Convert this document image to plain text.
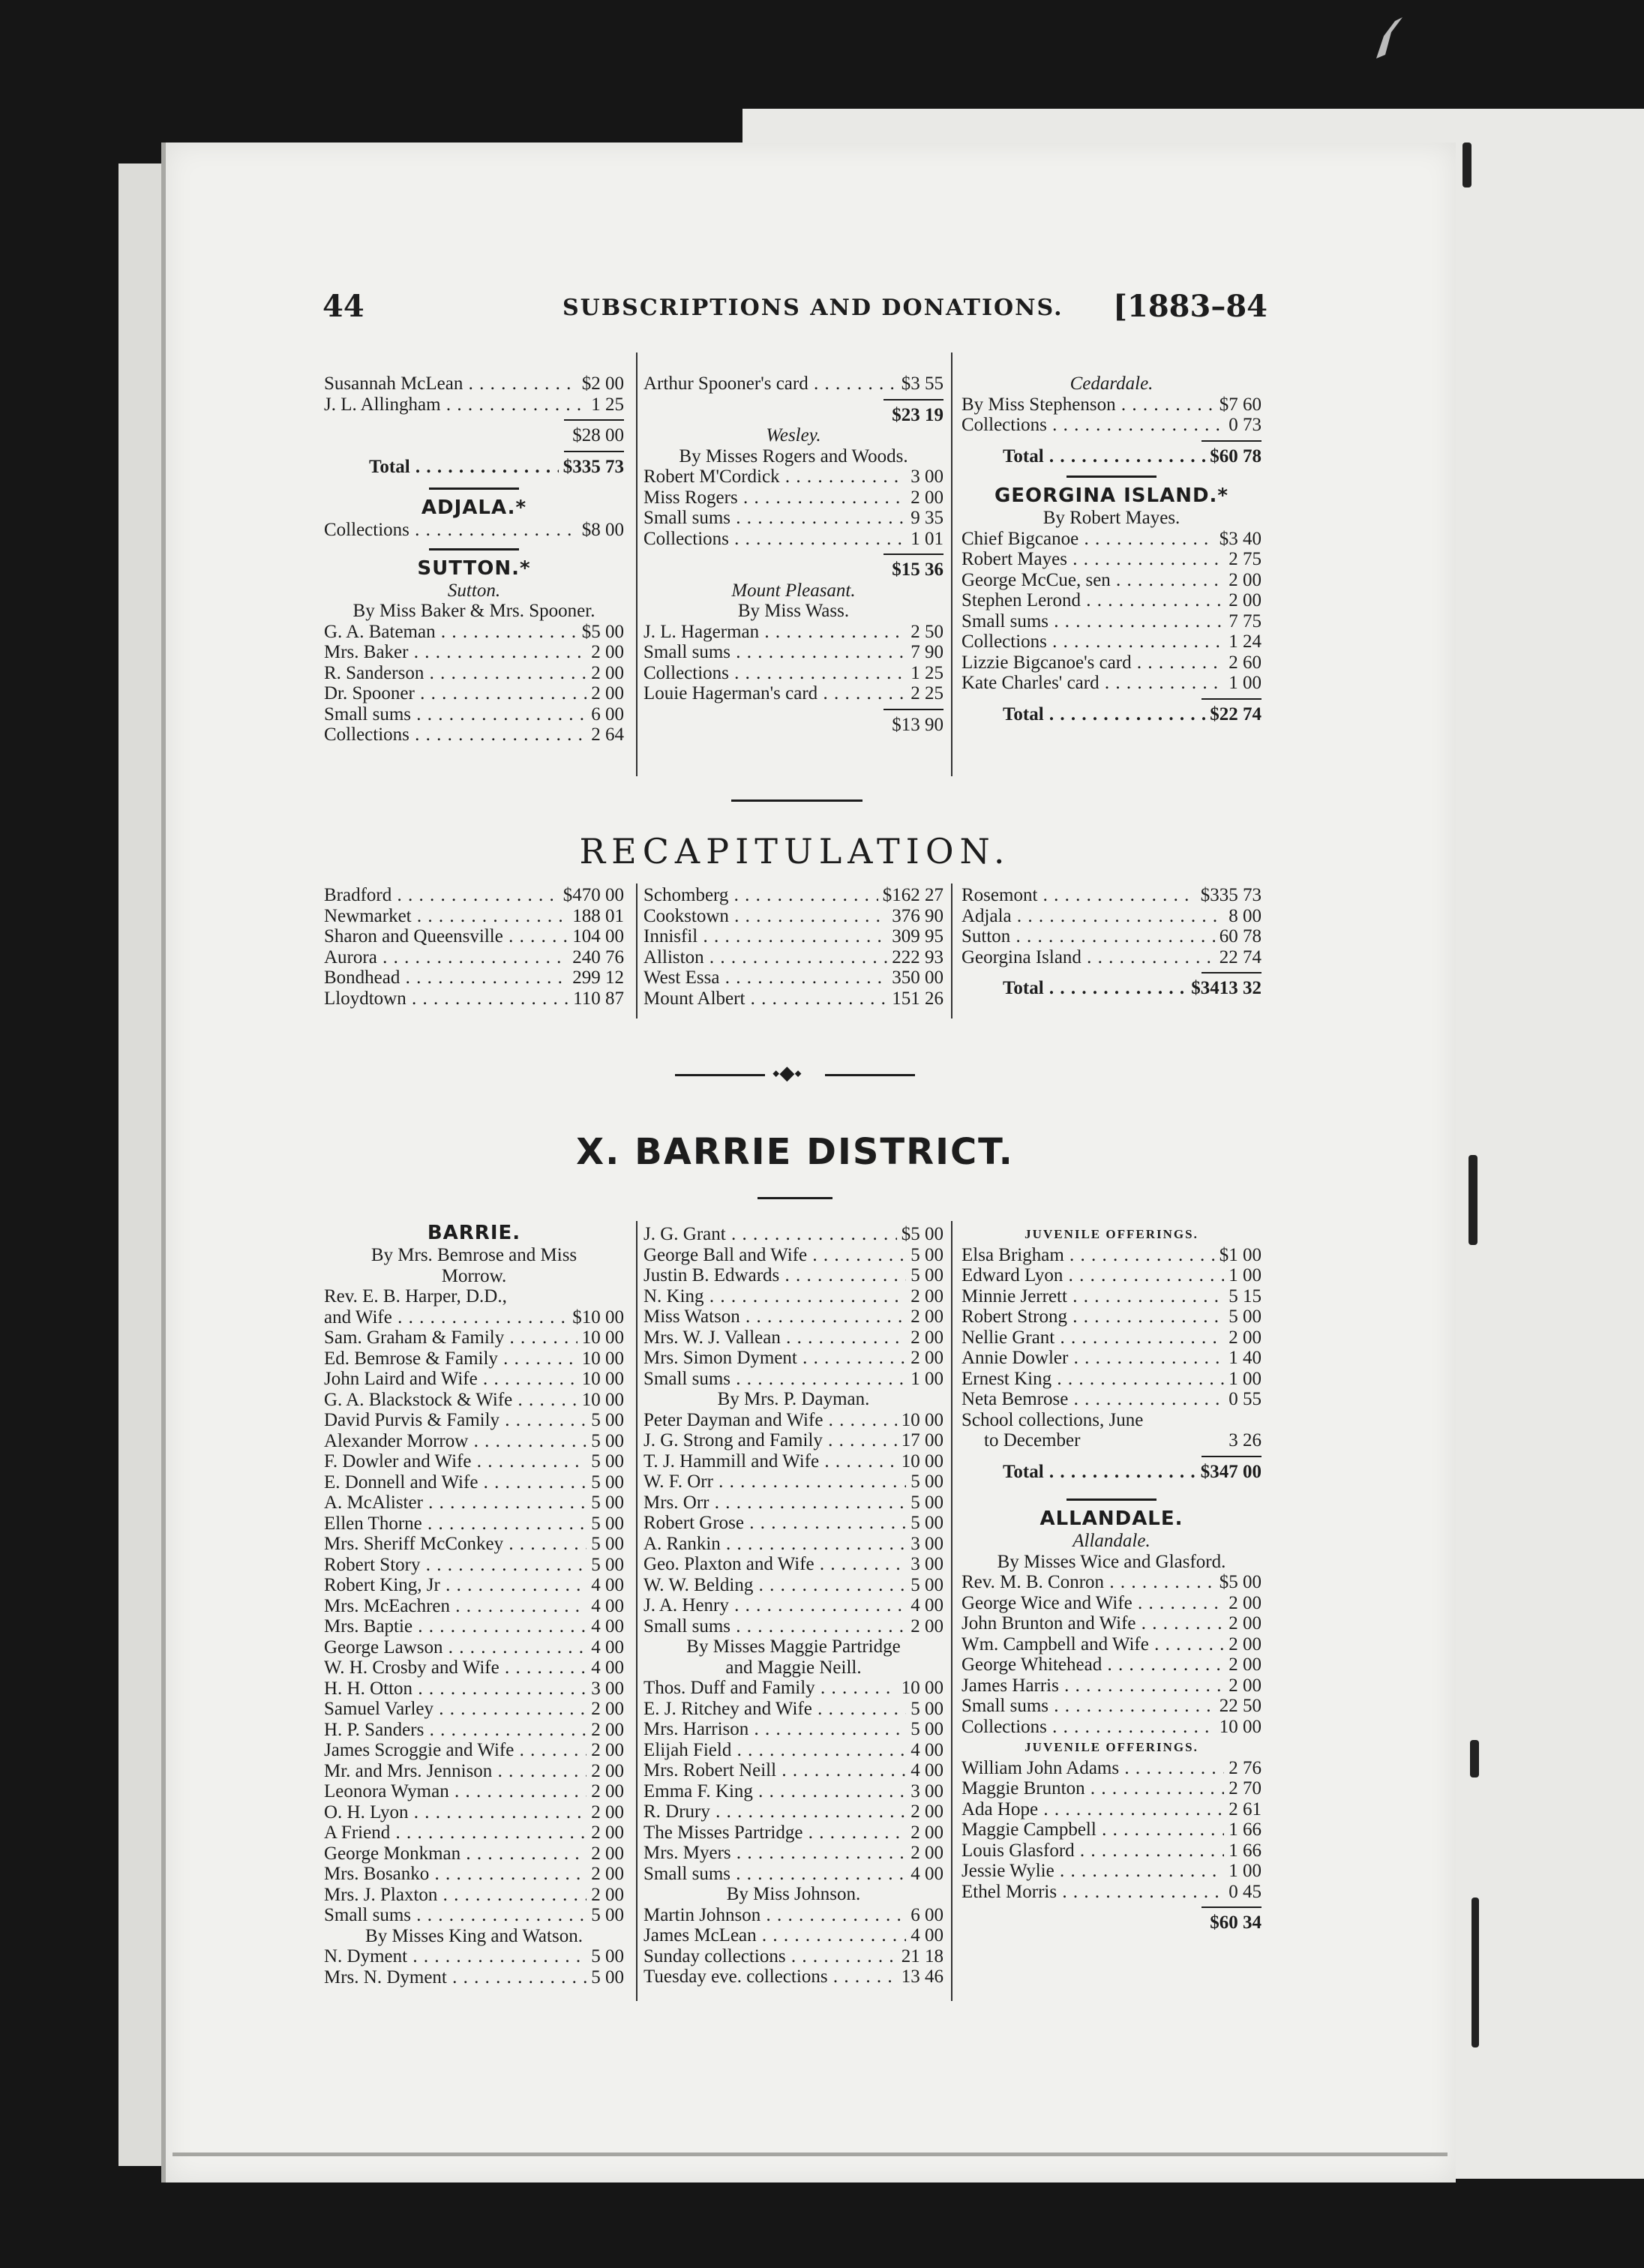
44	SUBSCRIPTIONS AND DONATIONS. [1883–84
Susannah McLean . . .	$2 00
J. L. Allingham . . .	1 25
$28 00
Total . . .	$335 73
ADJALA.*
Collections . . .	$8 00
SUTTON.*
Sutton.
By Miss Baker & Mrs. Spooner.
G. A. Bateman . . .	$5 00
Mrs. Baker . . .	2 00
R. Sanderson . . .	2 00
Dr. Spooner . . .	2 00
Small sums . . .	6 00
Collections . . .	2 64
Arthur Spooner's card . . .	$3 55
$23 19
Wesley.
By Misses Rogers and Woods.
Robert M'Cordick . . .	3 00
Miss Rogers . . .	2 00
Small sums . . .	9 35
Collections . . .	1 01
$15 36
Mount Pleasant.
By Miss Wass.
J. L. Hagerman . . .	2 50
Small sums . . .	7 90
Collections . . .	1 25
Louie Hagerman's card . . .	2 25
$13 90
Cedardale.
By Miss Stephenson . . .	$7 60
Collections . . .	0 73
Total . . .	$60 78
GEORGINA ISLAND.*
By Robert Mayes.
Chief Bigcanoe . . .	$3 40
Robert Mayes . . .	2 75
George McCue, sen . . .	2 00
Stephen Lerond . . .	2 00
Small sums . . .	7 75
Collections . . .	1 24
Lizzie Bigcanoe's card . . .	2 60
Kate Charles' card . . .	1 00
Total . . .	$22 74
RECAPITULATION.
Bradford . . .	$470 00
Newmarket . . .	188 01
Sharon and Queensville . . .	104 00
Aurora . . .	240 76
Bondhead . . .	299 12
Lloydtown . . .	110 87
Schomberg . . .	$162 27
Cookstown . . .	376 90
Innisfil . . .	309 95
Alliston . . .	222 93
West Essa . . .	350 00
Mount Albert . . .	151 26
Rosemont . . .	$335 73
Adjala . . .	8 00
Sutton . . .	60 78
Georgina Island . . .	22 74
Total . . .	$3413 32
⬩◆⬩
X. BARRIE DISTRICT.
BARRIE.
By Mrs. Bemrose and Miss
Morrow.
Rev. E. B. Harper, D.D.,
and Wife . . .	$10 00
Sam. Graham & Family . . .	10 00
Ed. Bemrose & Family . . .	10 00
John Laird and Wife . . .	10 00
G. A. Blackstock & Wife . . .	10 00
David Purvis & Family . . .	5 00
Alexander Morrow . . .	5 00
F. Dowler and Wife . . .	5 00
E. Donnell and Wife . . .	5 00
A. McAlister . . .	5 00
Ellen Thorne . . .	5 00
Mrs. Sheriff McConkey . . .	5 00
Robert Story . . .	5 00
Robert King, Jr . . .	4 00
Mrs. McEachren . . .	4 00
Mrs. Baptie . . .	4 00
George Lawson . . .	4 00
W. H. Crosby and Wife . . .	4 00
H. H. Otton . . .	3 00
Samuel Varley . . .	2 00
H. P. Sanders . . .	2 00
James Scroggie and Wife . . .	2 00
Mr. and Mrs. Jennison . . .	2 00
Leonora Wyman . . .	2 00
O. H. Lyon . . .	2 00
A Friend . . .	2 00
George Monkman . . .	2 00
Mrs. Bosanko . . .	2 00
Mrs. J. Plaxton . . .	2 00
Small sums . . .	5 00
By Misses King and Watson.
N. Dyment . . .	5 00
Mrs. N. Dyment . . .	5 00
J. G. Grant . . .	$5 00
George Ball and Wife . . .	5 00
Justin B. Edwards . . .	5 00
N. King . . .	2 00
Miss Watson . . .	2 00
Mrs. W. J. Vallean . . .	2 00
Mrs. Simon Dyment . . .	2 00
Small sums . . .	1 00
By Mrs. P. Dayman.
Peter Dayman and Wife . . .	10 00
J. G. Strong and Family . . .	17 00
T. J. Hammill and Wife . . .	10 00
W. F. Orr . . .	5 00
Mrs. Orr . . .	5 00
Robert Grose . . .	5 00
A. Rankin . . .	3 00
Geo. Plaxton and Wife . . .	3 00
W. W. Belding . . .	5 00
J. A. Henry . . .	4 00
Small sums . . .	2 00
By Misses Maggie Partridge
and Maggie Neill.
Thos. Duff and Family . . .	10 00
E. J. Ritchey and Wife . . .	5 00
Mrs. Harrison . . .	5 00
Elijah Field . . .	4 00
Mrs. Robert Neill . . .	4 00
Emma F. King . . .	3 00
R. Drury . . .	2 00
The Misses Partridge . . .	2 00
Mrs. Myers . . .	2 00
Small sums . . .	4 00
By Miss Johnson.
Martin Johnson . . .	6 00
James McLean . . .	4 00
Sunday collections . . .	21 18
Tuesday eve. collections . . .	13 46
JUVENILE OFFERINGS.
Elsa Brigham . . .	$1 00
Edward Lyon . . .	1 00
Minnie Jerrett . . .	5 15
Robert Strong . . .	5 00
Nellie Grant . . .	2 00
Annie Dowler . . .	1 40
Ernest King . . .	1 00
Neta Bemrose . . .	0 55
School collections, June
to December	3 26
Total . . .	$347 00
ALLANDALE.
Allandale.
By Misses Wice and Glasford.
Rev. M. B. Conron . . .	$5 00
George Wice and Wife . . .	2 00
John Brunton and Wife . . .	2 00
Wm. Campbell and Wife . . .	2 00
George Whitehead . . .	2 00
James Harris . . .	2 00
Small sums . . .	22 50
Collections . . .	10 00
JUVENILE OFFERINGS.
William John Adams . . .	2 76
Maggie Brunton . . .	2 70
Ada Hope . . .	2 61
Maggie Campbell . . .	1 66
Louis Glasford . . .	1 66
Jessie Wylie . . .	1 00
Ethel Morris . . .	0 45
$60 34
